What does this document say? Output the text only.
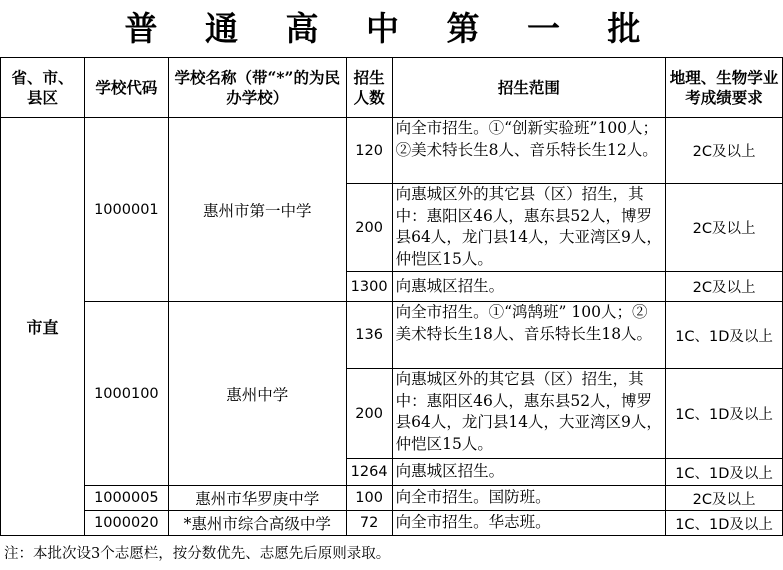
普 通 高 中 第 一 批
省、市、县区	学校代码	学校名称（带“*”的为民办学校）	招生人数	招生范围	地理、生物学业考成绩要求
市直	1000001	惠州市第一中学	120	向全市招生。①“创新实验班”100人；②美术特长生8人、音乐特长生12人。	2C及以上
			200	向惠城区外的其它县（区）招生，其中：惠阳区46人，惠东县52人，博罗县64人，龙门县14人，大亚湾区9人，仲恺区15人。	2C及以上
			1300	向惠城区招生。	2C及以上
	1000100	惠州中学	136	向全市招生。①“鸿鹄班” 100人；②美术特长生18人、音乐特长生18人。	1C、1D及以上
			200	向惠城区外的其它县（区）招生，其中：惠阳区46人，惠东县52人，博罗县64人，龙门县14人，大亚湾区9人，仲恺区15人。	1C、1D及以上
			1264	向惠城区招生。	1C、1D及以上
	1000005	惠州市华罗庚中学	100	向全市招生。国防班。	2C及以上
	1000020	*惠州市综合高级中学	72	向全市招生。华志班。	1C、1D及以上
注：本批次设3个志愿栏，按分数优先、志愿先后原则录取。
